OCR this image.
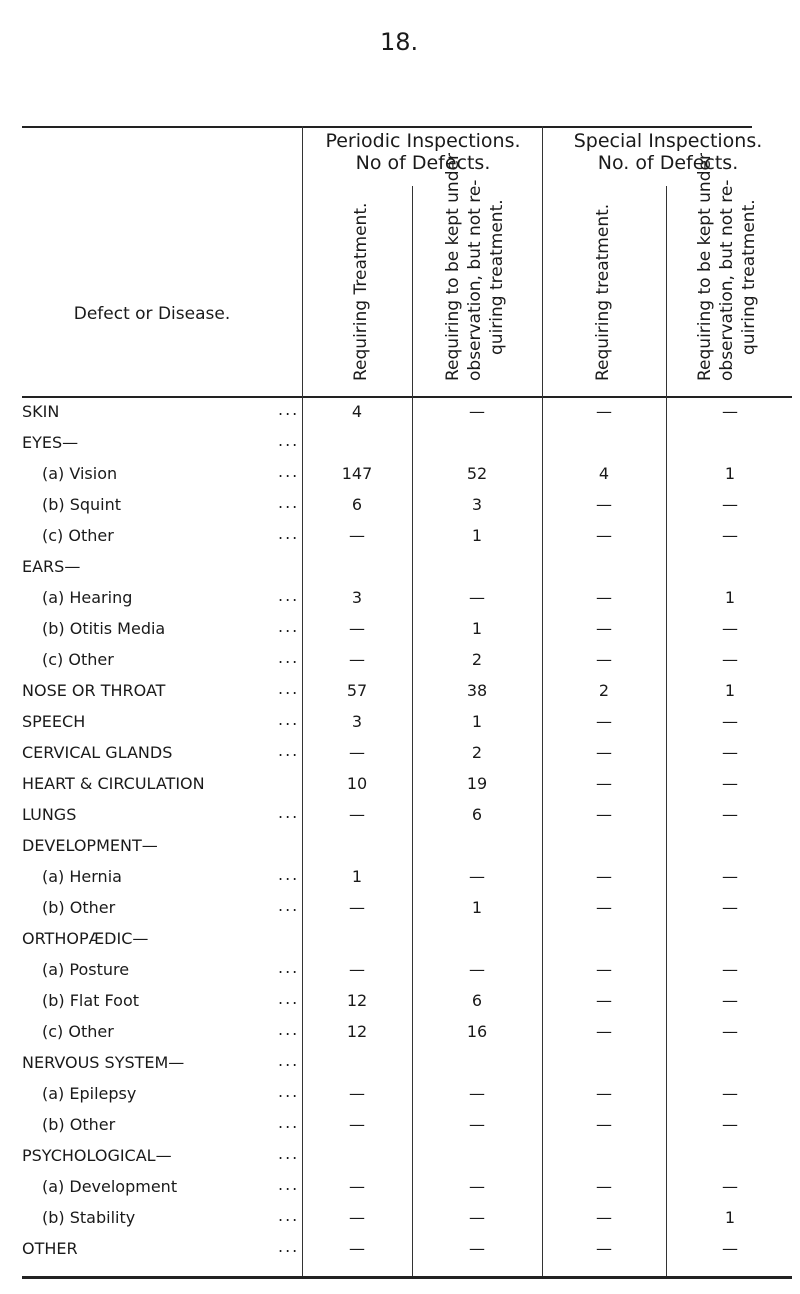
18.
Periodic Inspections.
No of Defects.
Special Inspections.
No. of Defects.
Defect or Disease.	Requiring Treatment.	Requiring to be kept under observation, but not re- quiring treatment.	Requiring treatment.	Requiring to be kept under observation, but not re- quiring treatment.
SKIN	...	4	—	—	—
EYES—	...
(a) Vision	...	147	52	4	1
(b) Squint	...	6	3	—	—
(c) Other	...	—	1	—	—
EARS—
(a) Hearing	...	3	—	—	1
(b) Otitis Media	...	—	1	—	—
(c) Other	...	—	2	—	—
NOSE OR THROAT	...	57	38	2	1
SPEECH	...	3	1	—	—
CERVICAL GLANDS	...	—	2	—	—
HEART & CIRCULATION	10	19	—	—
LUNGS	...	—	6	—	—
DEVELOPMENT—
(a) Hernia	...	1	—	—	—
(b) Other	...	—	1	—	—
ORTHOPÆDIC—
(a) Posture	...	—	—	—	—
(b) Flat Foot	...	12	6	—	—
(c) Other	...	12	16	—	—
NERVOUS SYSTEM—	...
(a) Epilepsy	...	—	—	—	—
(b) Other	...	—	—	—	—
PSYCHOLOGICAL—	...
(a) Development	...	—	—	—	—
(b) Stability	...	—	—	—	1
OTHER	...	—	—	—	—
